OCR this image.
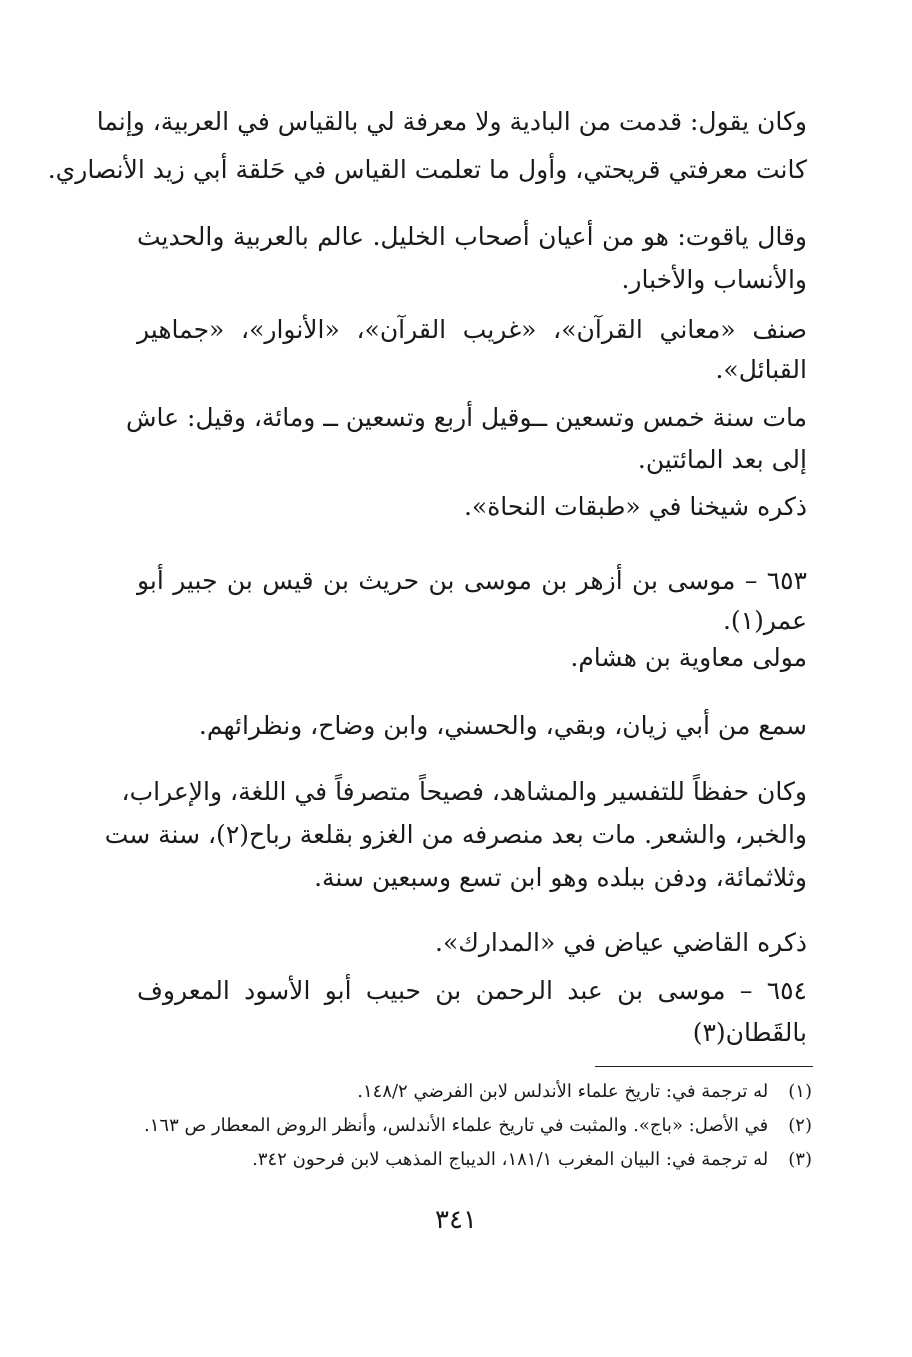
وكان يقول: قدمت من البادية ولا معرفة لي بالقياس في العربية، وإنما
كانت معرفتي قريحتي، وأول ما تعلمت القياس في حَلقة أبي زيد الأنصاري.
وقال ياقوت: هو من أعيان أصحاب الخليل. عالم بالعربية والحديث
والأنساب والأخبار.
صنف «معاني القرآن»، «غريب القرآن»، «الأنوار»، «جماهير
القبائل».
مات سنة خمس وتسعين ــوقيل أربع وتسعين ــ ومائة، وقيل: عاش
إلى بعد المائتين.
ذكره شيخنا في «طبقات النحاة».
٦٥٣ – موسى بن أزهر بن موسى بن حريث بن قيس بن جبير أبو
عمر(١).
مولى معاوية بن هشام.
سمع من أبي زيان، وبقي، والحسني، وابن وضاح، ونظرائهم.
وكان حفظاً للتفسير والمشاهد، فصيحاً متصرفاً في اللغة، والإعراب،
والخبر، والشعر. مات بعد منصرفه من الغزو بقلعة رباح(٢)، سنة ست
وثلاثمائة، ودفن ببلده وهو ابن تسع وسبعين سنة.
ذكره القاضي عياض في «المدارك».
٦٥٤ – موسى بن عبد الرحمن بن حبيب أبو الأسود المعروف
بالقَطان(٣)
(١) له ترجمة في: تاريخ علماء الأندلس لابن الفرضي ١٤٨/٢.
(٢) في الأصل: «باج». والمثبت في تاريخ علماء الأندلس، وأنظر الروض المعطار ص ١٦٣.
(٣) له ترجمة في: البيان المغرب ١٨١/١، الديباج المذهب لابن فرحون ٣٤٢.
٣٤١
